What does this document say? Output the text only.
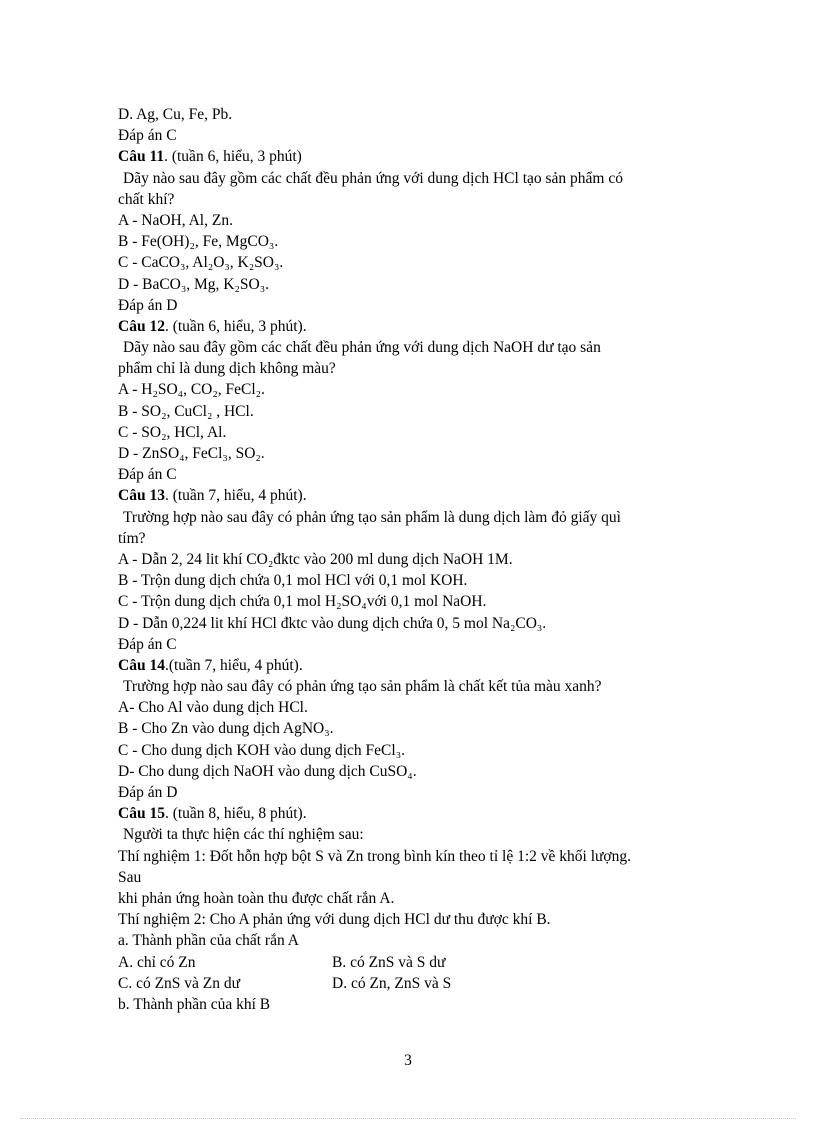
D. Ag, Cu, Fe, Pb.
Đáp án C
Câu 11. (tuần 6, hiểu, 3 phút)
Dãy nào sau đây gồm các chất đều phản ứng với dung dịch HCl tạo sản phẩm có
chất khí?
A - NaOH, Al, Zn.
B - Fe(OH)₂, Fe, MgCO₃.
C - CaCO₃, Al₂O₃, K₂SO₃.
D - BaCO₃, Mg, K₂SO₃.
Đáp án D
Câu 12. (tuần 6, hiểu, 3 phút).
Dãy nào sau đây gồm các chất đều phản ứng với dung dịch NaOH dư tạo sản
phẩm chỉ là dung dịch không màu?
A - H₂SO₄, CO₂, FeCl₂.
B - SO₂, CuCl₂ , HCl.
C - SO₂, HCl, Al.
D - ZnSO₄, FeCl₃, SO₂.
Đáp án C
Câu 13. (tuần 7, hiểu, 4 phút).
Trường hợp nào sau đây có phản ứng tạo sản phẩm là dung dịch làm đỏ giấy quì
tím?
A - Dẫn 2, 24 lit khí CO₂đktc vào 200 ml dung dịch NaOH 1M.
B - Trộn dung dịch chứa 0,1 mol HCl với 0,1 mol KOH.
C - Trộn dung dịch chứa 0,1 mol H₂SO₄với 0,1 mol NaOH.
D - Dẫn 0,224 lit khí HCl đktc vào dung dịch chứa 0, 5 mol Na₂CO₃.
Đáp án C
Câu 14.(tuần 7, hiểu, 4 phút).
Trường hợp nào sau đây có phản ứng tạo sản phẩm là chất kết tủa màu xanh?
A- Cho Al vào dung dịch HCl.
B - Cho Zn vào dung dịch AgNO₃.
C - Cho dung dịch KOH vào dung dịch FeCl₃.
D- Cho dung dịch NaOH vào dung dịch CuSO₄.
Đáp án D
Câu 15. (tuần 8, hiểu, 8 phút).
Người ta thực hiện các thí nghiệm sau:
Thí nghiệm 1: Đốt hỗn hợp bột S và Zn trong bình kín theo tỉ lệ 1:2 về khối lượng.
Sau
khi phản ứng hoàn toàn thu được chất rắn A.
Thí nghiệm 2: Cho A phản ứng với dung dịch HCl dư thu được khí B.
a. Thành phần của chất rắn A
A. chỉ có Zn	B. có ZnS và S dư
C. có ZnS và Zn dư	D. có Zn, ZnS và S
b. Thành phần của khí B
3
